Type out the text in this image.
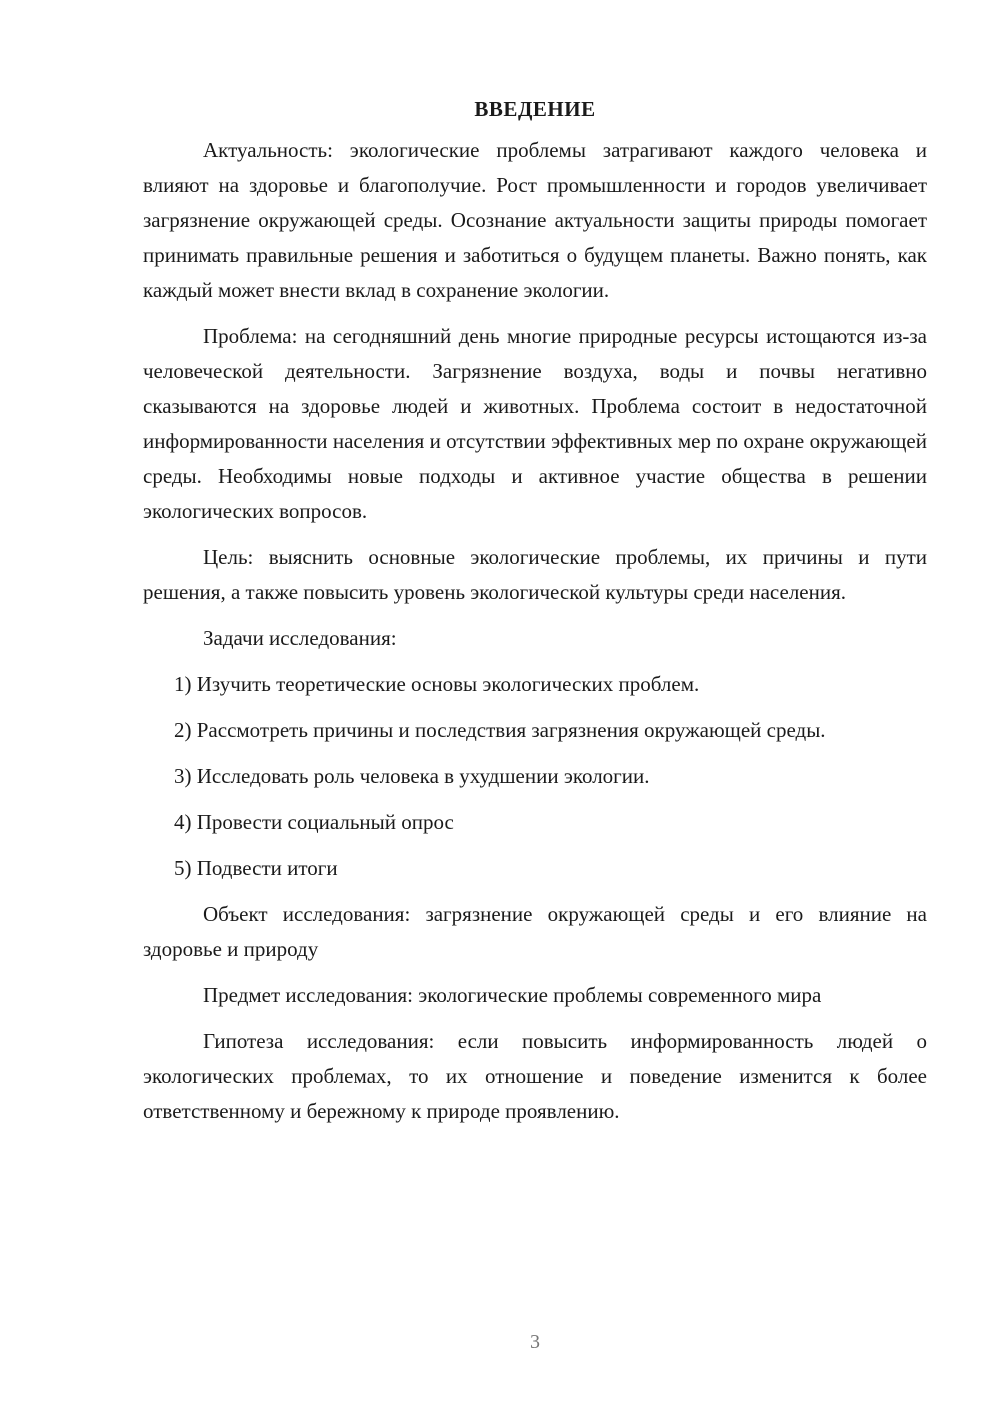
ВВЕДЕНИЕ

Актуальность: экологические проблемы затрагивают каждого человека и влияют на здоровье и благополучие. Рост промышленности и городов увеличивает загрязнение окружающей среды. Осознание актуальности защиты природы помогает принимать правильные решения и заботиться о будущем планеты. Важно понять, как каждый может внести вклад в сохранение экологии.

Проблема: на сегодняшний день многие природные ресурсы истощаются из-за человеческой деятельности. Загрязнение воздуха, воды и почвы негативно сказываются на здоровье людей и животных. Проблема состоит в недостаточной информированности населения и отсутствии эффективных мер по охране окружающей среды. Необходимы новые подходы и активное участие общества в решении экологических вопросов.

Цель: выяснить основные экологические проблемы, их причины и пути решения, а также повысить уровень экологической культуры среди населения.

Задачи исследования:

1) Изучить теоретические основы экологических проблем.

2) Рассмотреть причины и последствия загрязнения окружающей среды.

3) Исследовать роль человека в ухудшении экологии.

4) Провести социальный опрос

5) Подвести итоги

Объект исследования: загрязнение окружающей среды и его влияние на здоровье и природу

Предмет исследования: экологические проблемы современного мира

Гипотеза исследования: если повысить информированность людей о экологических проблемах, то их отношение и поведение изменится к более ответственному и бережному к природе проявлению.

3
